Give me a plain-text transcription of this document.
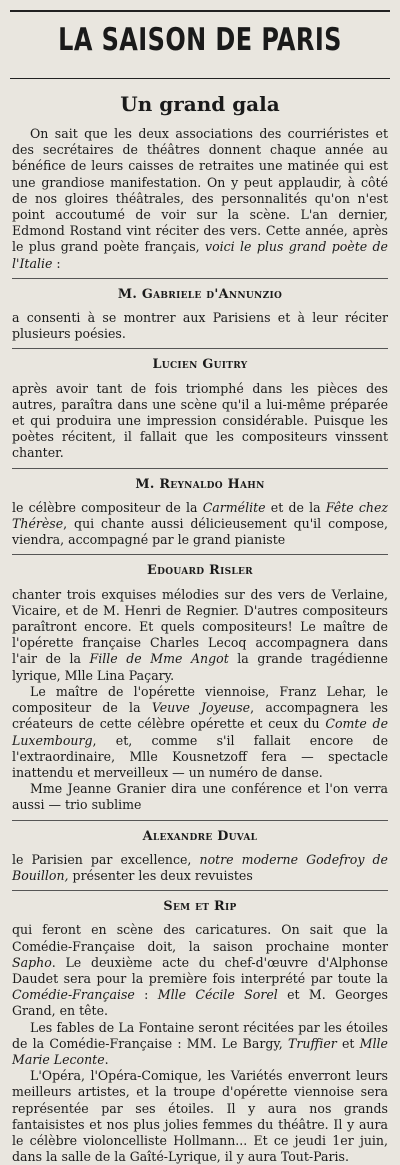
LA SAISON DE PARIS
Un grand gala

On sait que les deux associations des courriéristes et des secrétaires de théâtres donnent chaque année au bénéfice de leurs caisses de retraites une matinée qui est une grandiose manifestation. On y peut applaudir, à côté de nos gloires théâtrales, des personnalités qu'on n'est point accoutumé de voir sur la scène. L'an dernier, Edmond Rostand vint réciter des vers. Cette année, après le plus grand poète français, voici le plus grand poète de l'Italie :

M. Gabriele d'Annunzio

a consenti à se montrer aux Parisiens et à leur réciter plusieurs poésies.

Lucien Guitry

après avoir tant de fois triomphé dans les pièces des autres, paraîtra dans une scène qu'il a lui-même préparée et qui produira une impression considérable. Puisque les poètes récitent, il fallait que les compositeurs vinssent chanter.

M. Reynaldo Hahn

le célèbre compositeur de la Carmélite et de la Fête chez Thérèse, qui chante aussi délicieusement qu'il compose, viendra, accompagné par le grand pianiste

Edouard Risler

chanter trois exquises mélodies sur des vers de Verlaine, Vicaire, et de M. Henri de Regnier. D'autres compositeurs paraîtront encore. Et quels compositeurs! Le maître de l'opérette française Charles Lecoq accompagnera dans l'air de la Fille de Mme Angot la grande tragédienne lyrique, Mlle Lina Paçary.

Le maître de l'opérette viennoise, Franz Lehar, le compositeur de la Veuve Joyeuse, accompagnera les créateurs de cette célèbre opérette et ceux du Comte de Luxembourg, et, comme s'il fallait encore de l'extraordinaire, Mlle Kousnetzoff fera — spectacle inattendu et merveilleux — un numéro de danse.

Mme Jeanne Granier dira une conférence et l'on verra aussi — trio sublime

Alexandre Duval

le Parisien par excellence, notre moderne Godefroy de Bouillon, présenter les deux revuistes

Sem et Rip

qui feront en scène des caricatures. On sait que la Comédie-Française doit, la saison prochaine monter Sapho. Le deuxième acte du chef-d'œuvre d'Alphonse Daudet sera pour la première fois interprété par toute la Comédie-Française : Mlle Cécile Sorel et M. Georges Grand, en tête.

Les fables de La Fontaine seront récitées par les étoiles de la Comédie-Française : MM. Le Bargy, Truffier et Mlle Marie Leconte.

L'Opéra, l'Opéra-Comique, les Variétés enverront leurs meilleurs artistes, et la troupe d'opérette viennoise sera représentée par ses étoiles. Il y aura nos grands fantaisistes et nos plus jolies femmes du théâtre. Il y aura le célèbre violoncelliste Hollmann... Et ce jeudi 1er juin, dans la salle de la Gaîté-Lyrique, il y aura Tout-Paris.
